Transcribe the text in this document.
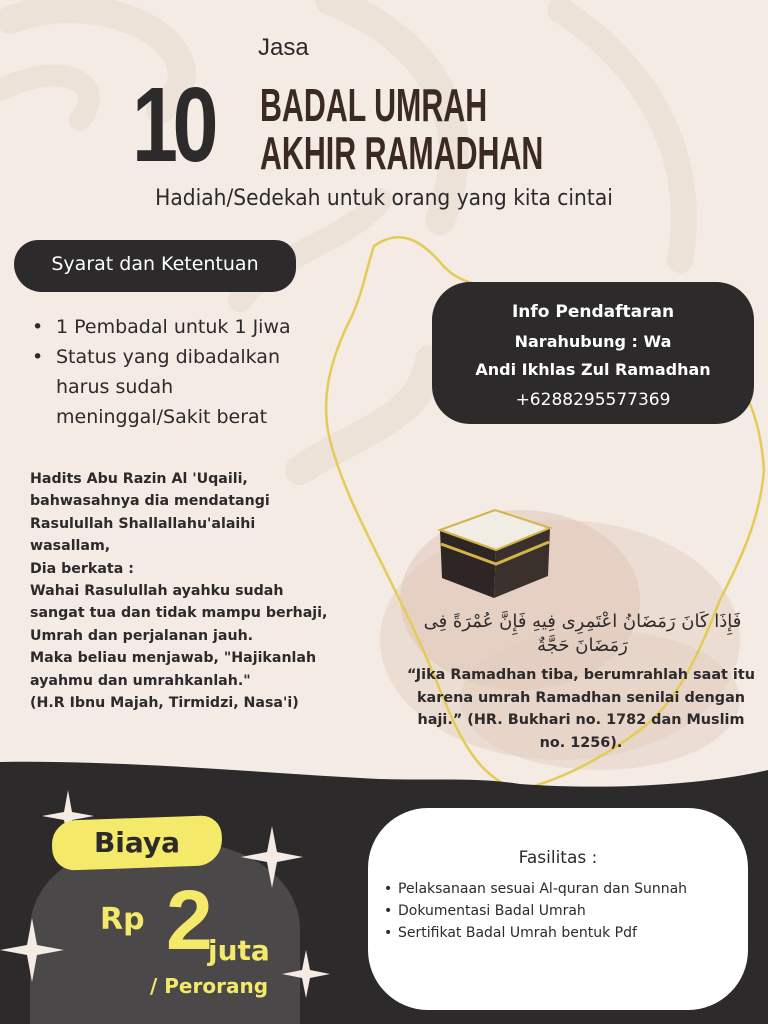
Jasa
10 BADAL UMRAH
AKHIR RAMADHAN
Hadiah/Sedekah untuk orang yang kita cintai
Syarat dan Ketentuan
• 1 Pembadal untuk 1 Jiwa
• Status yang dibadalkan harus sudah meninggal/Sakit berat
Info Pendaftaran
Narahubung : Wa
Andi Ikhlas Zul Ramadhan
+6288295577369
Hadits Abu Razin Al 'Uqaili,
bahwasahnya dia mendatangi
Rasulullah Shallallahu'alaihi
wasallam,
Dia berkata :
Wahai Rasulullah ayahku sudah
sangat tua dan tidak mampu berhaji,
Umrah dan perjalanan jauh.
Maka beliau menjawab, "Hajikanlah
ayahmu dan umrahkanlah."
(H.R Ibnu Majah, Tirmidzi, Nasa'i)
فَإِذَا كَانَ رَمَضَانُ اعْتَمِرِى فِيهِ فَإِنَّ عُمْرَةً فِى رَمَضَانَ حَجَّةٌ
“Jika Ramadhan tiba, berumrahlah saat itu karena umrah Ramadhan senilai dengan haji.” (HR. Bukhari no. 1782 dan Muslim no. 1256).
Biaya
Rp 2
juta
/ Perorang
Fasilitas :
• Pelaksanaan sesuai Al-quran dan Sunnah
• Dokumentasi Badal Umrah
• Sertifikat Badal Umrah bentuk Pdf
